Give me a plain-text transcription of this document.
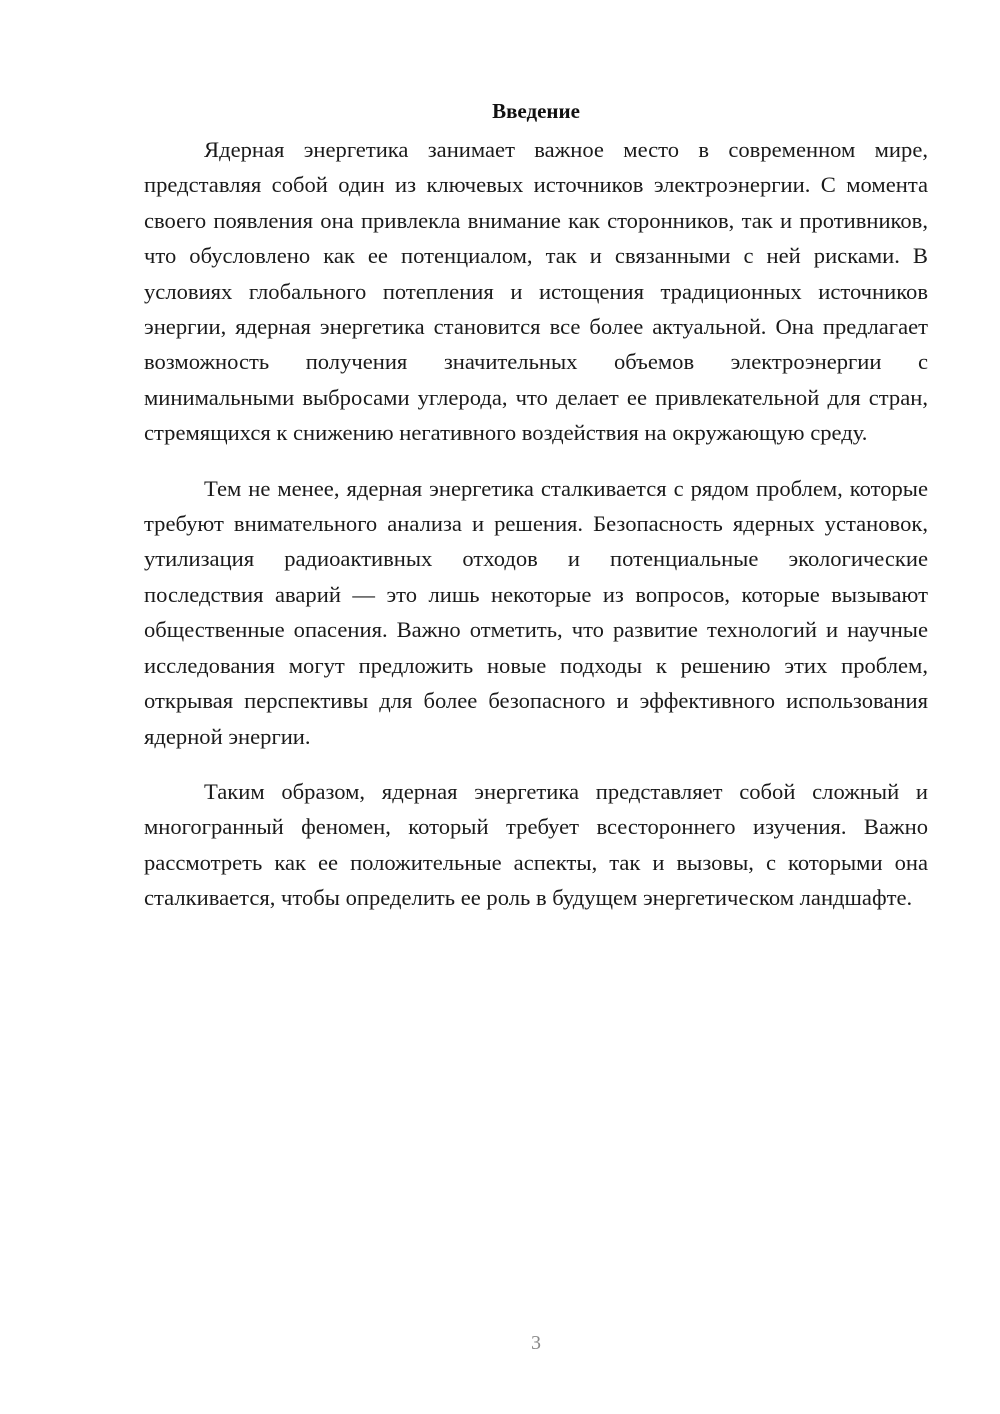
Введение

Ядерная энергетика занимает важное место в современном мире, представляя собой один из ключевых источников электроэнергии. С момента своего появления она привлекла внимание как сторонников, так и противников, что обусловлено как ее потенциалом, так и связанными с ней рисками. В условиях глобального потепления и истощения традиционных источников энергии, ядерная энергетика становится все более актуальной. Она предлагает возможность получения значительных объемов электроэнергии с минимальными выбросами углерода, что делает ее привлекательной для стран, стремящихся к снижению негативного воздействия на окружающую среду.

Тем не менее, ядерная энергетика сталкивается с рядом проблем, которые требуют внимательного анализа и решения. Безопасность ядерных установок, утилизация радиоактивных отходов и потенциальные экологические последствия аварий — это лишь некоторые из вопросов, которые вызывают общественные опасения. Важно отметить, что развитие технологий и научные исследования могут предложить новые подходы к решению этих проблем, открывая перспективы для более безопасного и эффективного использования ядерной энергии.

Таким образом, ядерная энергетика представляет собой сложный и многогранный феномен, который требует всестороннего изучения. Важно рассмотреть как ее положительные аспекты, так и вызовы, с которыми она сталкивается, чтобы определить ее роль в будущем энергетическом ландшафте.

3
